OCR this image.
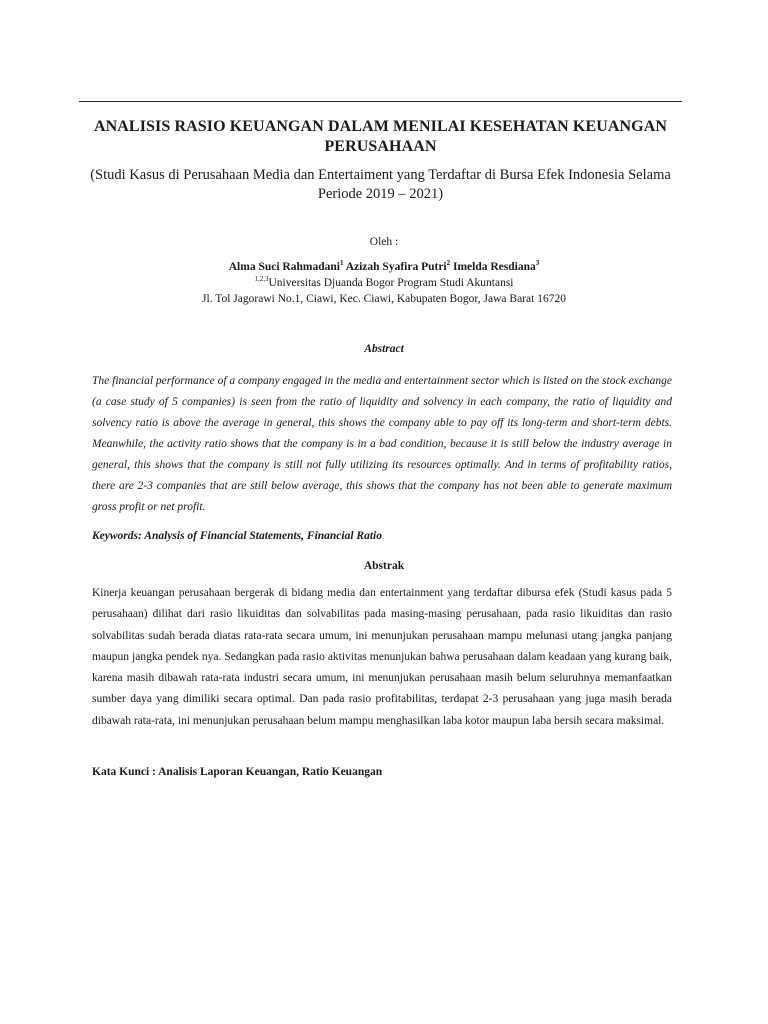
ANALISIS RASIO KEUANGAN DALAM MENILAI KESEHATAN KEUANGAN PERUSAHAAN
(Studi Kasus di Perusahaan Media dan Entertaiment yang Terdaftar di Bursa Efek Indonesia Selama Periode 2019 – 2021)
Oleh :
Alma Suci Rahmadani$^1$ Azizah Syafira Putri$^2$ Imelda Resdiana$^3$
$^{1,2,3}$Universitas Djuanda Bogor Program Studi Akuntansi
Jl. Tol Jagorawi No.1, Ciawi, Kec. Ciawi, Kabupaten Bogor, Jawa Barat 16720
Abstract

The financial performance of a company engaged in the media and entertainment sector which is listed on the stock exchange (a case study of 5 companies) is seen from the ratio of liquidity and solvency in each company, the ratio of liquidity and solvency ratio is above the average in general, this shows the company able to pay off its long-term and short-term debts. Meanwhile, the activity ratio shows that the company is in a bad condition, because it is still below the industry average in general, this shows that the company is still not fully utilizing its resources optimally. And in terms of profitability ratios, there are 2-3 companies that are still below average, this shows that the company has not been able to generate maximum gross profit or net profit.

Keywords: Analysis of Financial Statements, Financial Ratio
Abstrak

Kinerja keuangan perusahaan bergerak di bidang media dan entertainment yang terdaftar dibursa efek (Studi kasus pada 5 perusahaan) dilihat dari rasio likuiditas dan solvabilitas pada masing-masing perusahaan, pada rasio likuiditas dan rasio solvabilitas sudah berada diatas rata-rata secara umum, ini menunjukan perusahaan mampu melunasi utang jangka panjang maupun jangka pendek nya. Sedangkan pada rasio aktivitas menunjukan bahwa perusahaan dalam keadaan yang kurang baik, karena masih dibawah rata-rata industri secara umum, ini menunjukan perusahaan masih belum seluruhnya memanfaatkan sumber daya yang dimiliki secara optimal. Dan pada rasio profitabilitas, terdapat 2-3 perusahaan yang juga masih berada dibawah rata-rata, ini menunjukan perusahaan belum mampu menghasilkan laba kotor maupun laba bersih secara maksimal.

Kata Kunci : Analisis Laporan Keuangan, Ratio Keuangan
